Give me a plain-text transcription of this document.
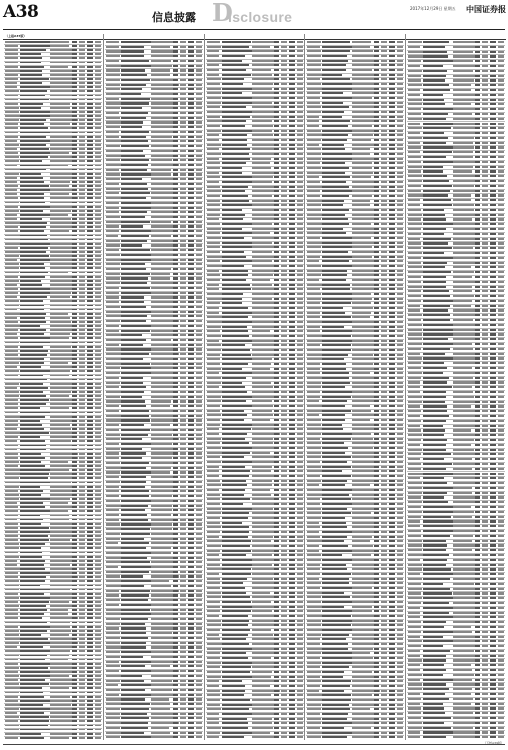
A38	信息披露 D
isclosure
2017年12月29日 星期五 中国证券报
（上接A37版）
（下转A39版）
